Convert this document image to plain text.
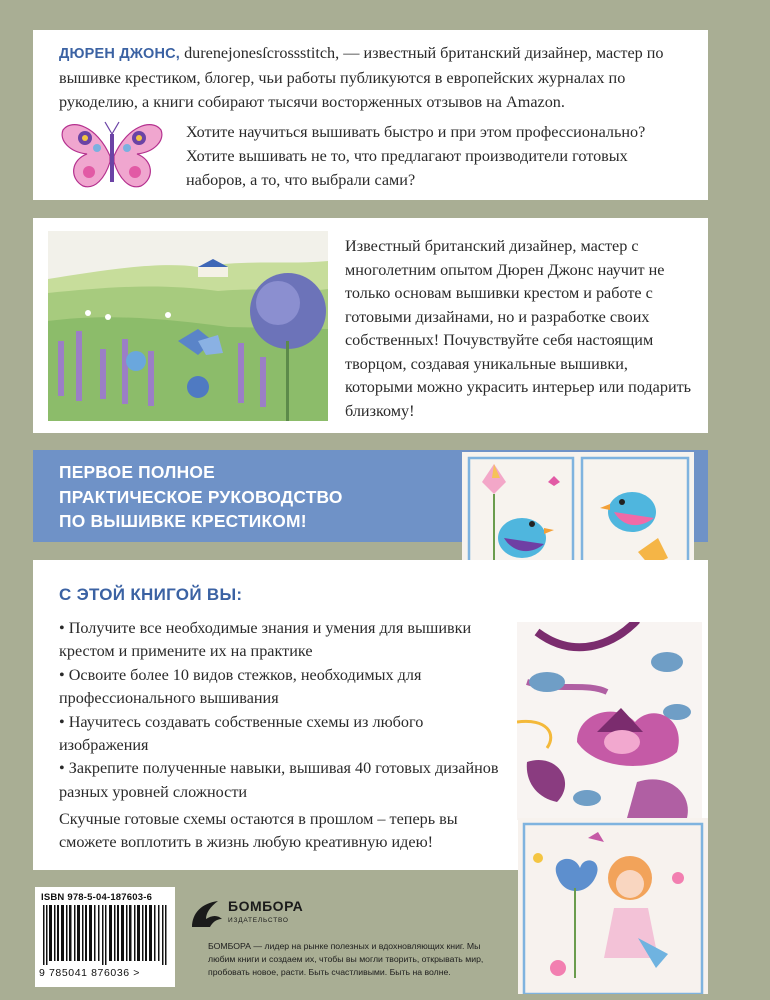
ДЮРЕН ДЖОНС, durenejonesſcrossstitch, — известный британский дизайнер, мастер по вышивке крестиком, блогер, чьи работы публикуются в европейских журналах по рукоделию, а книги собирают тысячи восторженных отзывов на Amazon.
Хотите научиться вышивать быстро и при этом профессионально? Хотите вышивать не то, что предлагают производители готовых наборов, а то, что выбрали сами?
Известный британский дизайнер, мастер с многолетним опытом Дюрен Джонс научит не только основам вышивки крестом и работе с готовыми дизайнами, но и разработке своих собственных! Почувствуйте себя настоящим творцом, создавая уникальные вышивки, которыми можно украсить интерьер или подарить близкому!
ПЕРВОЕ ПОЛНОЕ
ПРАКТИЧЕСКОЕ РУКОВОДСТВО
ПО ВЫШИВКЕ КРЕСТИКОМ!
С ЭТОЙ КНИГОЙ ВЫ:
• Получите все необходимые знания и умения для вышивки крестом и примените их на практике
• Освоите более 10 видов стежков, необходимых для профессионального вышивания
• Научитесь создавать собственные схемы из любого изображения
• Закрепите полученные навыки, вышивая 40 готовых дизайнов разных уровней сложности
Скучные готовые схемы остаются в прошлом – теперь вы сможете воплотить в жизнь любую креативную идею!
ISBN 978-5-04-187603-6
9 785041 876036 >
БОМБОРА
ИЗДАТЕЛЬСТВО
БОМБОРА — лидер на рынке полезных и вдохновляющих книг. Мы любим книги и создаем их, чтобы вы могли творить, открывать мир, пробовать новое, расти. Быть счастливыми. Быть на волне.
